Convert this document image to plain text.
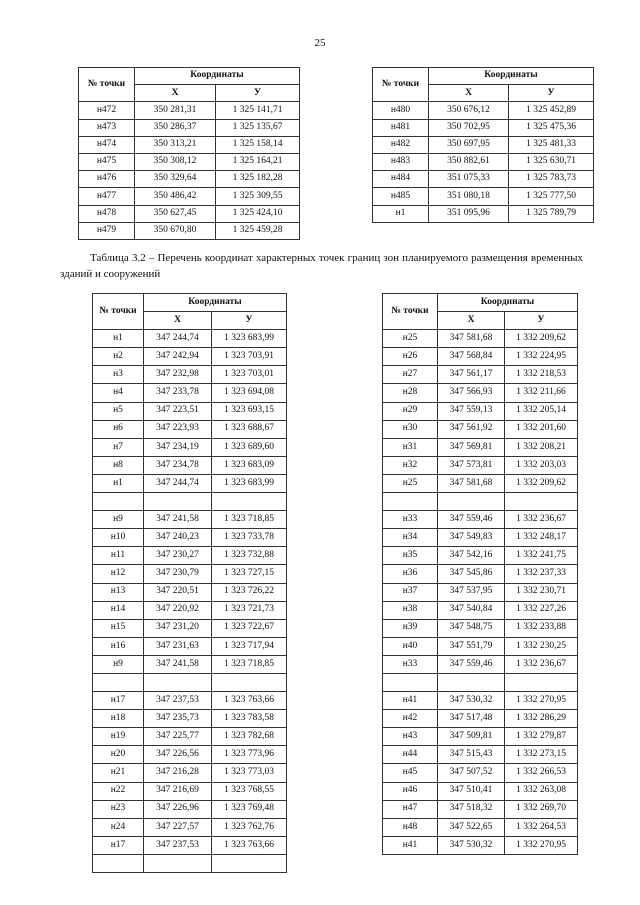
25
№ точки	Координаты	
	X	У
н472	350 281,31	1 325 141,71
н473	350 286,37	1 325 135,67
н474	350 313,21	1 325 158,14
н475	350 308,12	1 325 164,21
н476	350 329,64	1 325 182,28
н477	350 486,42	1 325 309,55
н478	350 627,45	1 325 424,10
н479	350 670,80	1 325 459,28
№ точки	Координаты	
	X	У
н480	350 676,12	1 325 452,89
н481	350 702,95	1 325 475,36
н482	350 697,95	1 325 481,33
н483	350 882,61	1 325 630,71
н484	351 075,33	1 325 783,73
н485	351 080,18	1 325 777,50
н1	351 095,96	1 325 789,79
Таблица 3.2 – Перечень координат характерных точек границ зон планируемого размещения временных зданий и сооружений
№ точки	Координаты	
	X	У
н1	347 244,74	1 323 683,99
н2	347 242,94	1 323 703,91
н3	347 232,98	1 323 703,01
н4	347 233,78	1 323 694,08
н5	347 223,51	1 323 693,15
н6	347 223,93	1 323 688,67
н7	347 234,19	1 323 689,60
н8	347 234,78	1 323 683,09
н1	347 244,74	1 323 683,99

н9	347 241,58	1 323 718,85
н10	347 240,23	1 323 733,78
н11	347 230,27	1 323 732,88
н12	347 230,79	1 323 727,15
н13	347 220,51	1 323 726,22
н14	347 220,92	1 323 721,73
н15	347 231,20	1 323 722,67
н16	347 231,63	1 323 717,94
н9	347 241,58	1 323 718,85

н17	347 237,53	1 323 763,66
н18	347 235,73	1 323 783,58
н19	347 225,77	1 323 782,68
н20	347 226,56	1 323 773,96
н21	347 216,28	1 323 773,03
н22	347 216,69	1 323 768,55
н23	347 226,96	1 323 769,48
н24	347 227,57	1 323 762,76
н17	347 237,53	1 323 763,66

№ точки	Координаты	
	X	У
н25	347 581,68	1 332 209,62
н26	347 568,84	1 332 224,95
н27	347 561,17	1 332 218,53
н28	347 566,93	1 332 211,66
н29	347 559,13	1 332 205,14
н30	347 561,92	1 332 201,60
н31	347 569,81	1 332 208,21
н32	347 573,81	1 332 203,03
н25	347 581,68	1 332 209,62

н33	347 559,46	1 332 236,67
н34	347 549,83	1 332 248,17
н35	347 542,16	1 332 241,75
н36	347 545,86	1 332 237,33
н37	347 537,95	1 332 230,71
н38	347 540,84	1 332 227,26
н39	347 548,75	1 332 233,88
н40	347 551,79	1 332 230,25
н33	347 559,46	1 332 236,67

н41	347 530,32	1 332 270,95
н42	347 517,48	1 332 286,29
н43	347 509,81	1 332 279,87
н44	347 515,43	1 332 273,15
н45	347 507,52	1 332 266,53
н46	347 510,41	1 332 263,08
н47	347 518,32	1 332 269,70
н48	347 522,65	1 332 264,53
н41	347 530,32	1 332 270,95
